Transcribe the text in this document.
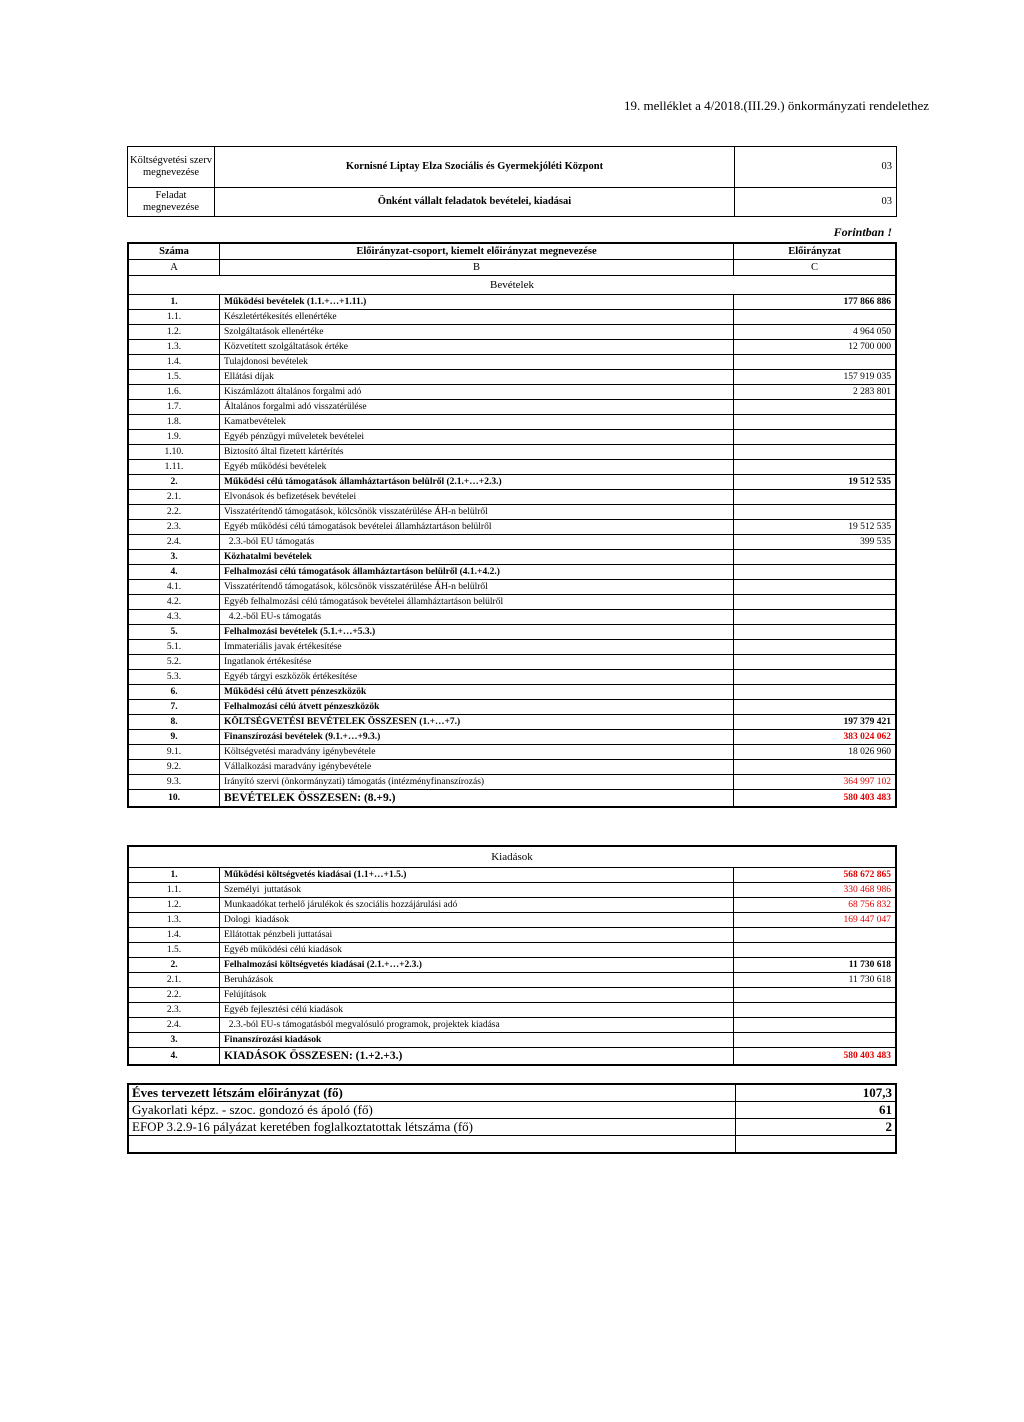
19. melléklet a 4/2018.(III.29.) önkormányzati rendelethez
Költségvetési szerv megnevezése	Kornisné Liptay Elza Szociális és Gyermekjóléti Központ	03
Feladat megnevezése	Önként vállalt feladatok bevételei, kiadásai	03
Forintban !
Száma	Előirányzat-csoport, kiemelt előirányzat megnevezése	Előirányzat
A	B	C
Bevételek		
1.	Működési bevételek (1.1.+…+1.11.)	177 866 886
1.1.	Készletértékesítés ellenértéke	
1.2.	Szolgáltatások ellenértéke	4 964 050
1.3.	Közvetített szolgáltatások értéke	12 700 000
1.4.	Tulajdonosi bevételek	
1.5.	Ellátási díjak	157 919 035
1.6.	Kiszámlázott általános forgalmi adó	2 283 801
1.7.	Általános forgalmi adó visszatérülése	
1.8.	Kamatbevételek	
1.9.	Egyéb pénzügyi műveletek bevételei	
1.10.	Biztosító által fizetett kártérítés	
1.11.	Egyéb működési bevételek	
2.	Működési célú támogatások államháztartáson belülről (2.1.+…+2.3.)	19 512 535
2.1.	Elvonások és befizetések bevételei	
2.2.	Visszatérítendő támogatások, kölcsönök visszatérülése ÁH-n belülről	
2.3.	Egyéb működési célú támogatások bevételei államháztartáson belülről	19 512 535
2.4.	2.3.-ból EU támogatás	399 535
3.	Közhatalmi bevételek	
4.	Felhalmozási célú támogatások államháztartáson belülről (4.1.+4.2.)	
4.1.	Visszatérítendő támogatások, kölcsönök visszatérülése ÁH-n belülről	
4.2.	Egyéb felhalmozási célú támogatások bevételei államháztartáson belülről	
4.3.	4.2.-ből EU-s támogatás	
5.	Felhalmozási bevételek (5.1.+…+5.3.)	
5.1.	Immateriális javak értékesítése	
5.2.	Ingatlanok értékesítése	
5.3.	Egyéb tárgyi eszközök értékesítése	
6.	Működési célú átvett pénzeszközök	
7.	Felhalmozási célú átvett pénzeszközök	
8.	KÖLTSÉGVETÉSI BEVÉTELEK ÖSSZESEN (1.+…+7.)	197 379 421
9.	Finanszírozási bevételek (9.1.+…+9.3.)	383 024 062
9.1.	Költségvetési maradvány igénybevétele	18 026 960
9.2.	Vállalkozási maradvány igénybevétele	
9.3.	Irányító szervi (önkormányzati) támogatás (intézményfinanszírozás)	364 997 102
10.	BEVÉTELEK ÖSSZESEN: (8.+9.)	580 403 483
Kiadások		
1.	Működési költségvetés kiadásai (1.1+…+1.5.)	568 672 865
1.1.	Személyi  juttatások	330 468 986
1.2.	Munkaadókat terhelő járulékok és szociális hozzájárulási adó	68 756 832
1.3.	Dologi  kiadások	169 447 047
1.4.	Ellátottak pénzbeli juttatásai	
1.5.	Egyéb működési célú kiadások	
2.	Felhalmozási költségvetés kiadásai (2.1.+…+2.3.)	11 730 618
2.1.	Beruházások	11 730 618
2.2.	Felújítások	
2.3.	Egyéb fejlesztési célú kiadások	
2.4.	2.3.-ból EU-s támogatásból megvalósuló programok, projektek kiadása	
3.	Finanszírozási kiadások	
4.	KIADÁSOK ÖSSZESEN: (1.+2.+3.)	580 403 483
Éves tervezett létszám előirányzat (fő)	107,3
Gyakorlati képz. - szoc. gondozó és ápoló (fő)	61
EFOP 3.2.9-16 pályázat keretében foglalkoztatottak létszáma (fő)	2
